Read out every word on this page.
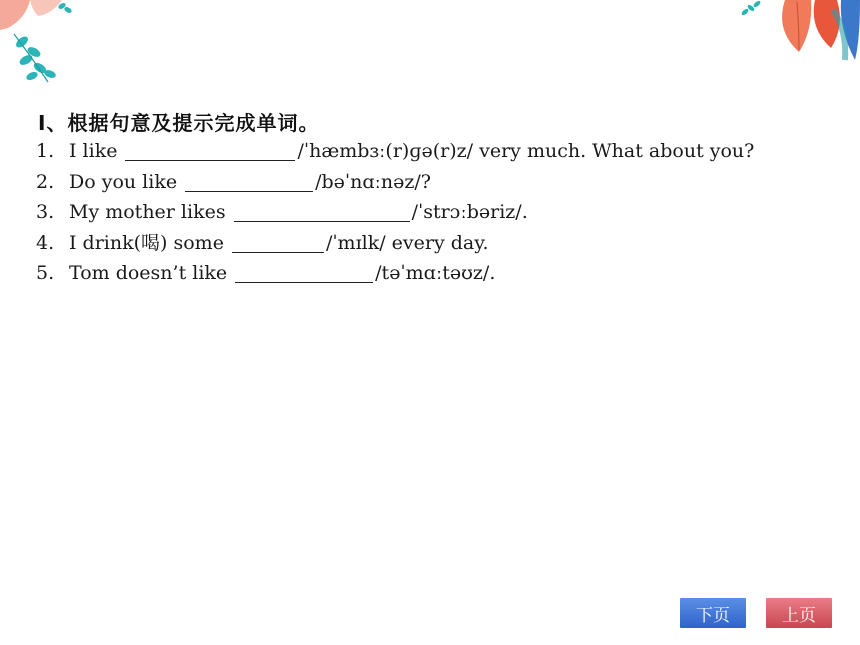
Ⅰ、根据句意及提示完成单词。
1. I like	/ˈhæmbɜː(r)ɡə(r)z/ very much. What about you?
2. Do you like	/bəˈnɑːnəz/?
3. My mother likes	/ˈstrɔːbəriz/.
4. I drink(喝) some	/ˈmɪlk/ every day.
5. Tom doesn’t like	/təˈmɑːtəʊz/.
下页	上页
